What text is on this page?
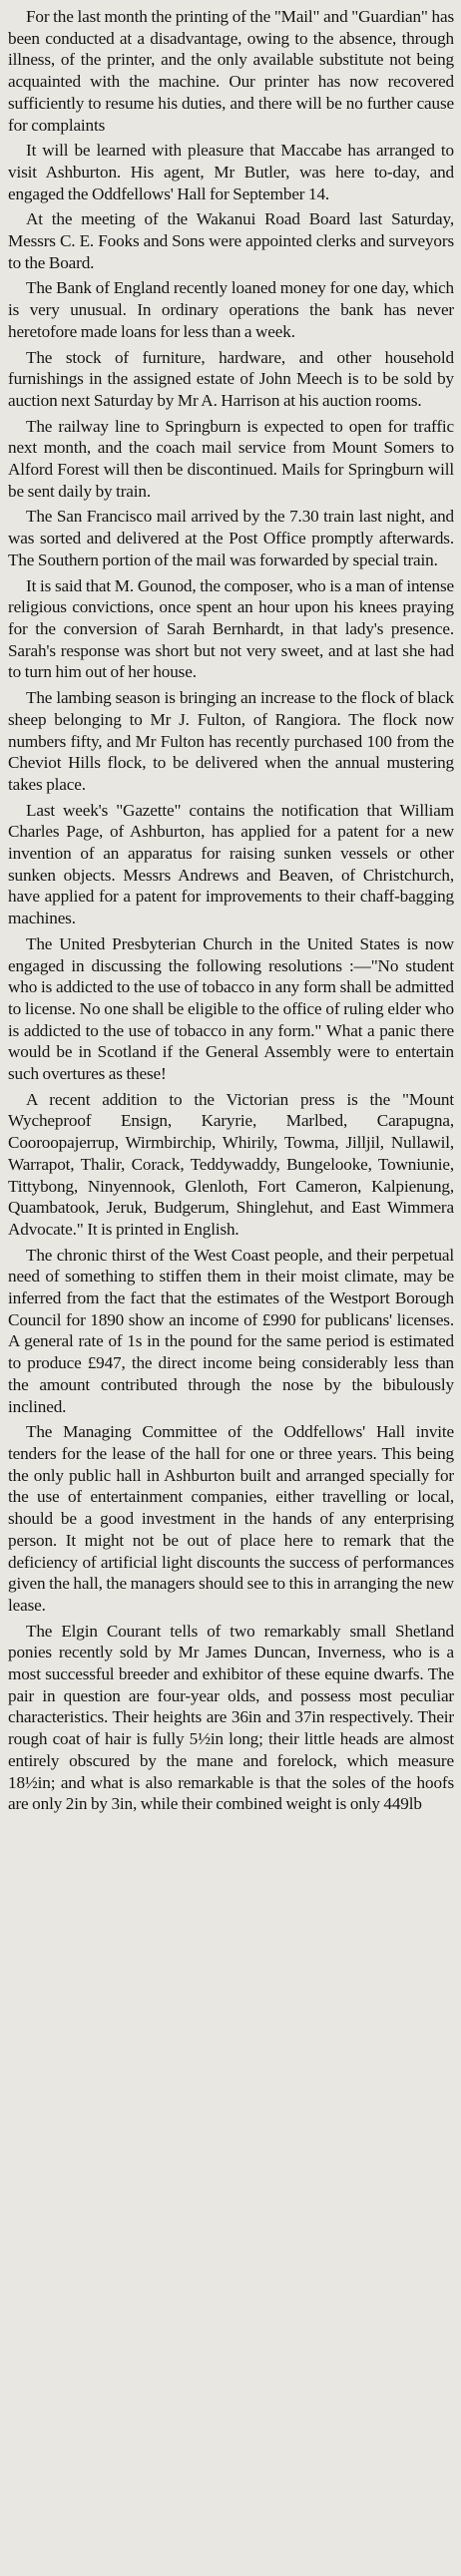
For the last month the printing of the "Mail" and "Guardian" has been conducted at a disadvantage, owing to the absence, through illness, of the printer, and the only available substitute not being acquainted with the machine. Our printer has now recovered sufficiently to resume his duties, and there will be no further cause for complaints

It will be learned with pleasure that Maccabe has arranged to visit Ashburton. His agent, Mr Butler, was here to-day, and engaged the Oddfellows' Hall for September 14.

At the meeting of the Wakanui Road Board last Saturday, Messrs C. E. Fooks and Sons were appointed clerks and surveyors to the Board.

The Bank of England recently loaned money for one day, which is very unusual. In ordinary operations the bank has never heretofore made loans for less than a week.

The stock of furniture, hardware, and other household furnishings in the assigned estate of John Meech is to be sold by auction next Saturday by Mr A. Harrison at his auction rooms.

The railway line to Springburn is expected to open for traffic next month, and the coach mail service from Mount Somers to Alford Forest will then be discontinued. Mails for Springburn will be sent daily by train.

The San Francisco mail arrived by the 7.30 train last night, and was sorted and delivered at the Post Office promptly afterwards. The Southern portion of the mail was forwarded by special train.

It is said that M. Gounod, the composer, who is a man of intense religious convictions, once spent an hour upon his knees praying for the conversion of Sarah Bernhardt, in that lady's presence. Sarah's response was short but not very sweet, and at last she had to turn him out of her house.

The lambing season is bringing an increase to the flock of black sheep belonging to Mr J. Fulton, of Rangiora. The flock now numbers fifty, and Mr Fulton has recently purchased 100 from the Cheviot Hills flock, to be delivered when the annual mustering takes place.

Last week's "Gazette" contains the notification that William Charles Page, of Ashburton, has applied for a patent for a new invention of an apparatus for raising sunken vessels or other sunken objects. Messrs Andrews and Beaven, of Christchurch, have applied for a patent for improvements to their chaff-bagging machines.

The United Presbyterian Church in the United States is now engaged in discussing the following resolutions :—"No student who is addicted to the use of tobacco in any form shall be admitted to license. No one shall be eligible to the office of ruling elder who is addicted to the use of tobacco in any form." What a panic there would be in Scotland if the General Assembly were to entertain such overtures as these!

A recent addition to the Victorian press is the "Mount Wycheproof Ensign, Karyrie, Marlbed, Carapugna, Cooroopajerrup, Wirmbirchip, Whirily, Towma, Jilljil, Nullawil, Warrapot, Thalir, Corack, Teddywaddy, Bungelooke, Towniunie, Tittybong, Ninyennook, Glenloth, Fort Cameron, Kalpienung, Quambatook, Jeruk, Budgerum, Shinglehut, and East Wimmera Advocate." It is printed in English.

The chronic thirst of the West Coast people, and their perpetual need of something to stiffen them in their moist climate, may be inferred from the fact that the estimates of the Westport Borough Council for 1890 show an income of £990 for publicans' licenses. A general rate of 1s in the pound for the same period is estimated to produce £947, the direct income being considerably less than the amount contributed through the nose by the bibulously inclined.

The Managing Committee of the Oddfellows' Hall invite tenders for the lease of the hall for one or three years. This being the only public hall in Ashburton built and arranged specially for the use of entertainment companies, either travelling or local, should be a good investment in the hands of any enterprising person. It might not be out of place here to remark that the deficiency of artificial light discounts the success of performances given the hall, the managers should see to this in arranging the new lease.

The Elgin Courant tells of two remarkably small Shetland ponies recently sold by Mr James Duncan, Inverness, who is a most successful breeder and exhibitor of these equine dwarfs. The pair in question are four-year olds, and possess most peculiar characteristics. Their heights are 36in and 37in respectively. Their rough coat of hair is fully 5½in long; their little heads are almost entirely obscured by the mane and forelock, which measure 18½in; and what is also remarkable is that the soles of the hoofs are only 2in by 3in, while their combined weight is only 449lb
